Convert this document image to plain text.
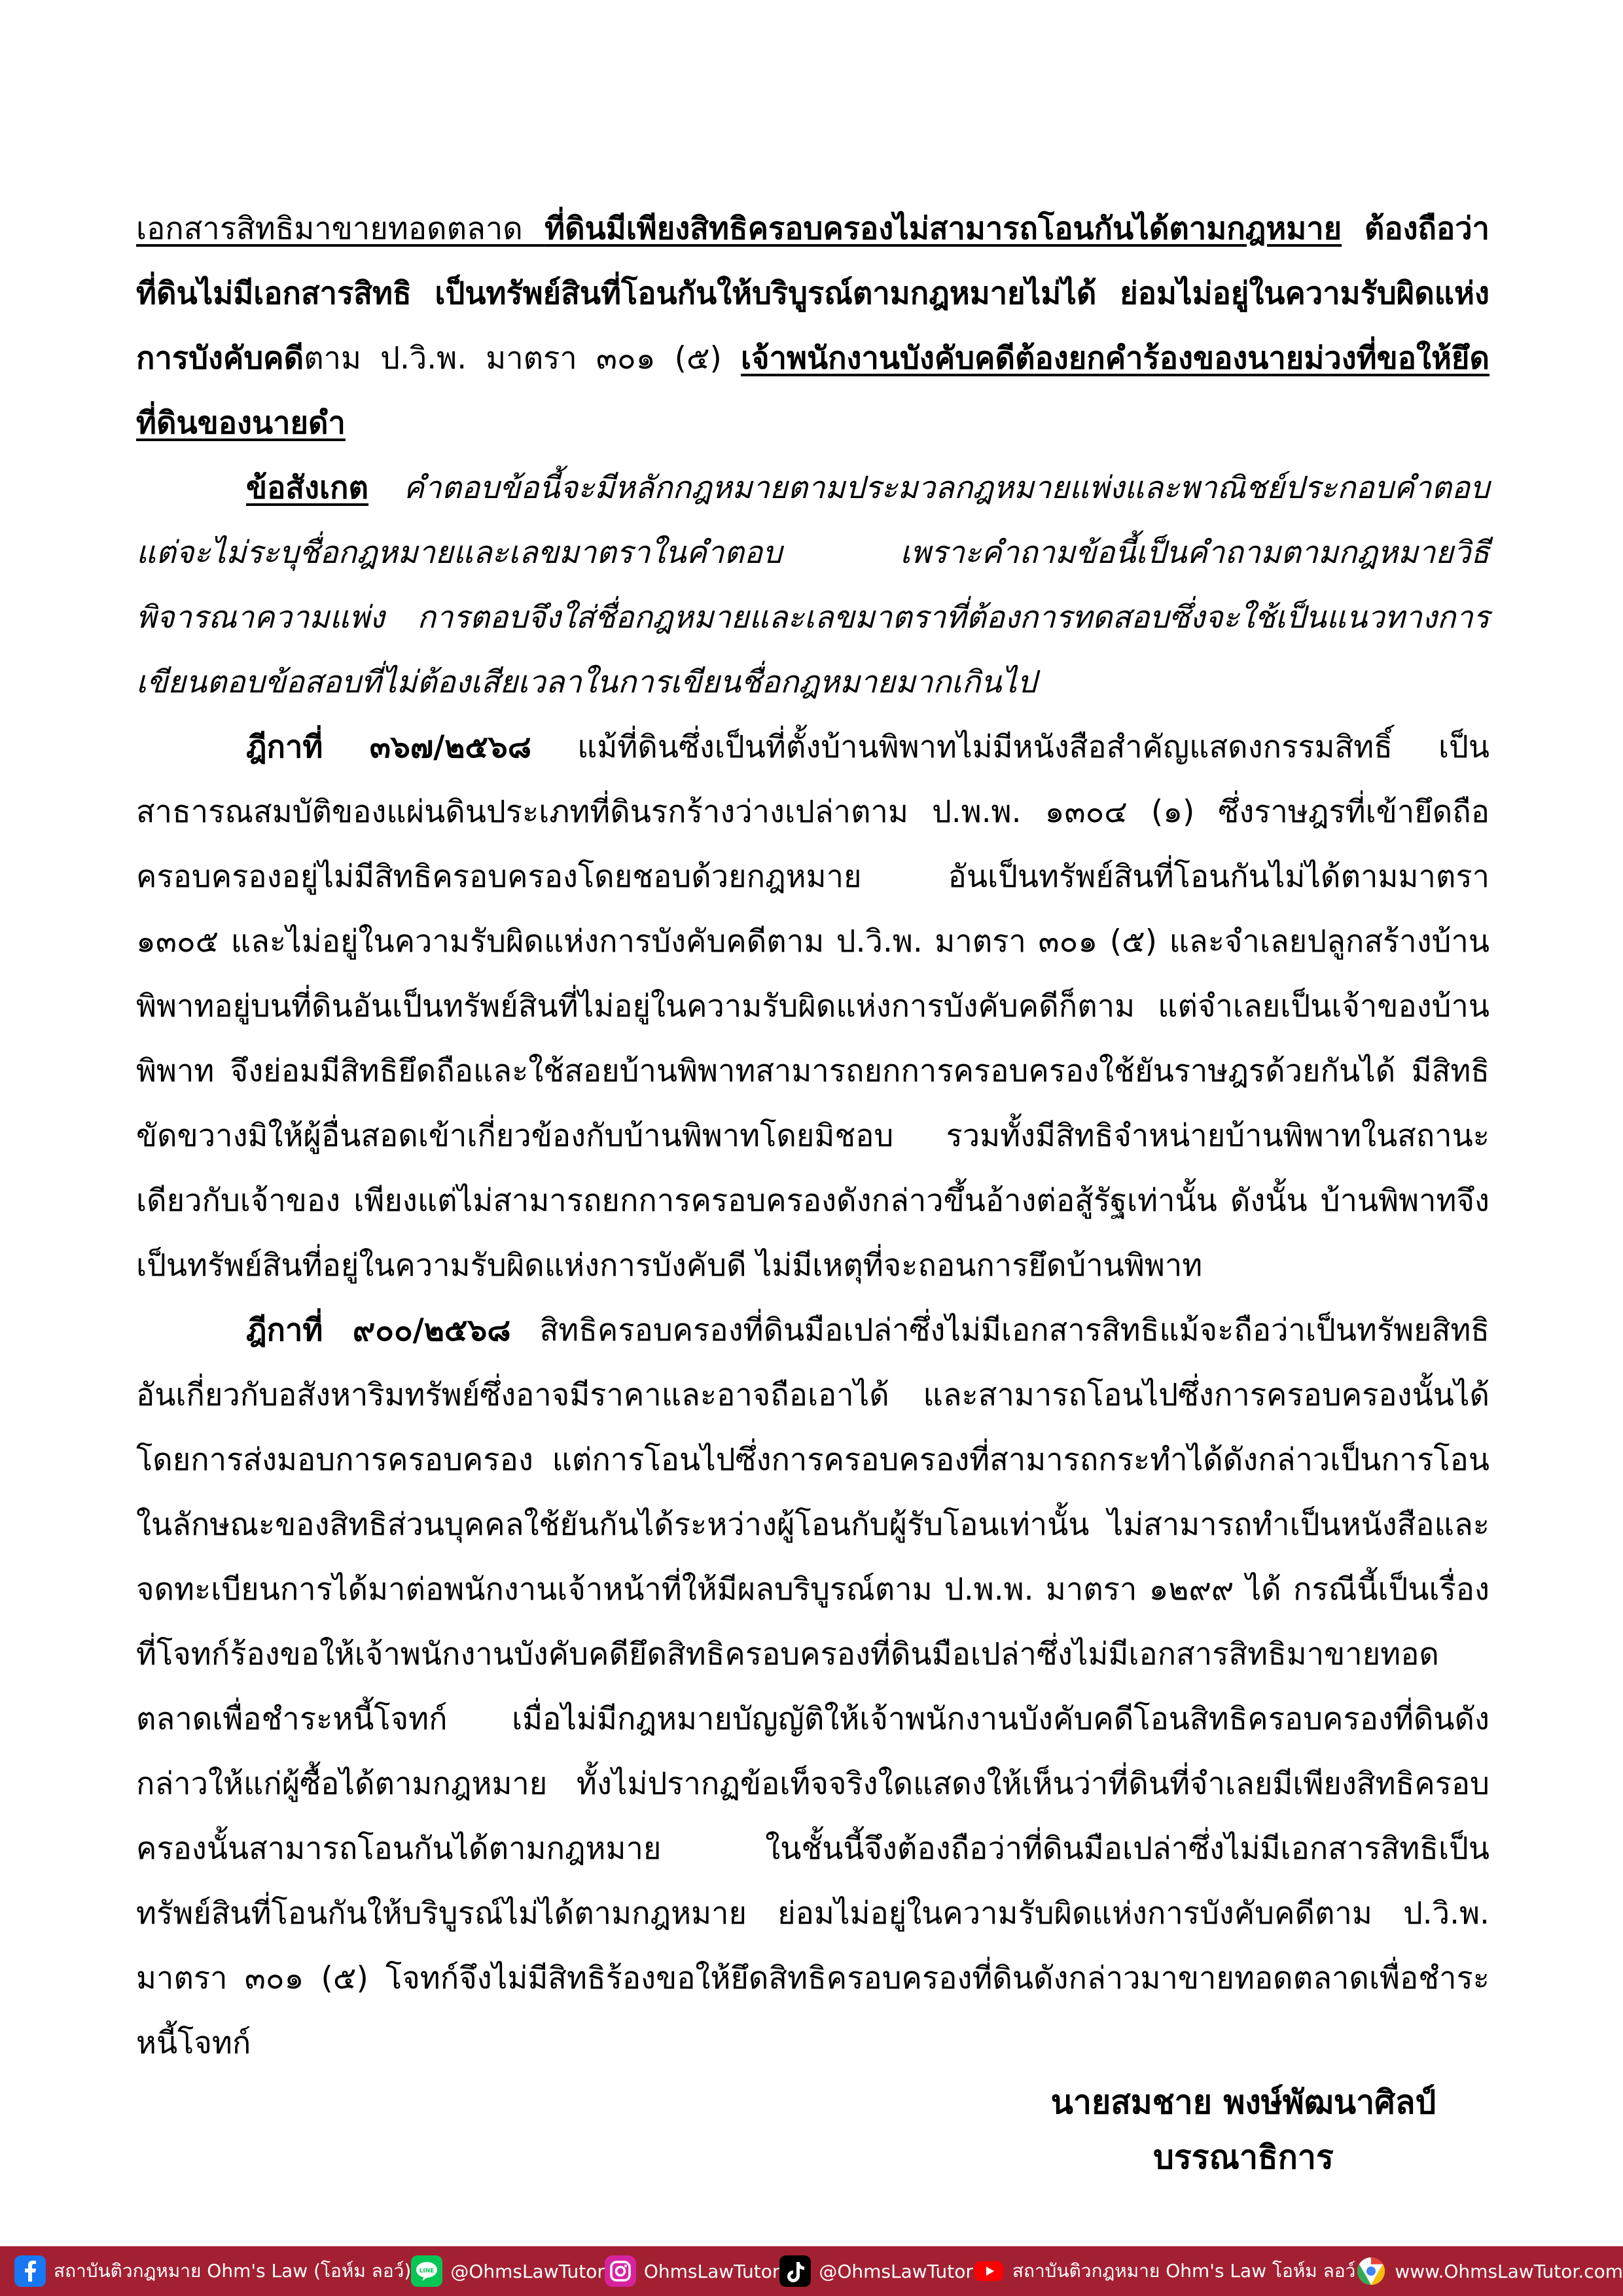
เอกสารสิทธิมาขายทอดตลาด ที่ดินมีเพียงสิทธิครอบครองไม่สามารถโอนกันได้ตามกฎหมาย ต้องถือว่าที่ดินไม่มีเอกสารสิทธิ เป็นทรัพย์สินที่โอนกันให้บริบูรณ์ตามกฎหมายไม่ได้ ย่อมไม่อยู่ในความรับผิดแห่งการบังคับคดีตาม ป.วิ.พ. มาตรา ๓๐๑ (๕) เจ้าพนักงานบังคับคดีต้องยกคำร้องของนายม่วงที่ขอให้ยึดที่ดินของนายดำ

ข้อสังเกต คำตอบข้อนี้จะมีหลักกฎหมายตามประมวลกฎหมายแพ่งและพาณิชย์ประกอบคำตอบ แต่จะไม่ระบุชื่อกฎหมายและเลขมาตราในคำตอบ เพราะคำถามข้อนี้เป็นคำถามตามกฎหมายวิธีพิจารณาความแพ่ง การตอบจึงใส่ชื่อกฎหมายและเลขมาตราที่ต้องการทดสอบซึ่งจะใช้เป็นแนวทางการเขียนตอบข้อสอบที่ไม่ต้องเสียเวลาในการเขียนชื่อกฎหมายมากเกินไป

ฎีกาที่ ๓๖๗/๒๕๖๘ แม้ที่ดินซึ่งเป็นที่ตั้งบ้านพิพาทไม่มีหนังสือสำคัญแสดงกรรมสิทธิ์ เป็นสาธารณสมบัติของแผ่นดินประเภทที่ดินรกร้างว่างเปล่าตาม ป.พ.พ. ๑๓๐๔ (๑) ซึ่งราษฎรที่เข้ายึดถือครอบครองอยู่ไม่มีสิทธิครอบครองโดยชอบด้วยกฎหมาย อันเป็นทรัพย์สินที่โอนกันไม่ได้ตามมาตรา ๑๓๐๕ และไม่อยู่ในความรับผิดแห่งการบังคับคดีตาม ป.วิ.พ. มาตรา ๓๐๑ (๕) และจำเลยปลูกสร้างบ้านพิพาทอยู่บนที่ดินอันเป็นทรัพย์สินที่ไม่อยู่ในความรับผิดแห่งการบังคับคดีก็ตาม แต่จำเลยเป็นเจ้าของบ้านพิพาท จึงย่อมมีสิทธิยึดถือและใช้สอยบ้านพิพาทสามารถยกการครอบครองใช้ยันราษฎรด้วยกันได้ มีสิทธิขัดขวางมิให้ผู้อื่นสอดเข้าเกี่ยวข้องกับบ้านพิพาทโดยมิชอบ รวมทั้งมีสิทธิจำหน่ายบ้านพิพาทในสถานะเดียวกับเจ้าของ เพียงแต่ไม่สามารถยกการครอบครองดังกล่าวขึ้นอ้างต่อสู้รัฐเท่านั้น ดังนั้น บ้านพิพาทจึงเป็นทรัพย์สินที่อยู่ในความรับผิดแห่งการบังคับดี ไม่มีเหตุที่จะถอนการยึดบ้านพิพาท

ฎีกาที่ ๙๐๐/๒๕๖๘ สิทธิครอบครองที่ดินมือเปล่าซึ่งไม่มีเอกสารสิทธิแม้จะถือว่าเป็นทรัพยสิทธิอันเกี่ยวกับอสังหาริมทรัพย์ซึ่งอาจมีราคาและอาจถือเอาได้ และสามารถโอนไปซึ่งการครอบครองนั้นได้โดยการส่งมอบการครอบครอง แต่การโอนไปซึ่งการครอบครองที่สามารถกระทำได้ดังกล่าวเป็นการโอนในลักษณะของสิทธิส่วนบุคคลใช้ยันกันได้ระหว่างผู้โอนกับผู้รับโอนเท่านั้น ไม่สามารถทำเป็นหนังสือและจดทะเบียนการได้มาต่อพนักงานเจ้าหน้าที่ให้มีผลบริบูรณ์ตาม ป.พ.พ. มาตรา ๑๒๙๙ ได้ กรณีนี้เป็นเรื่องที่โจทก์ร้องขอให้เจ้าพนักงานบังคับคดียึดสิทธิครอบครองที่ดินมือเปล่าซึ่งไม่มีเอกสารสิทธิมาขายทอดตลาดเพื่อชำระหนี้โจทก์ เมื่อไม่มีกฎหมายบัญญัติให้เจ้าพนักงานบังคับคดีโอนสิทธิครอบครองที่ดินดังกล่าวให้แก่ผู้ซื้อได้ตามกฎหมาย ทั้งไม่ปรากฏข้อเท็จจริงใดแสดงให้เห็นว่าที่ดินที่จำเลยมีเพียงสิทธิครอบครองนั้นสามารถโอนกันได้ตามกฎหมาย ในชั้นนี้จึงต้องถือว่าที่ดินมือเปล่าซึ่งไม่มีเอกสารสิทธิเป็นทรัพย์สินที่โอนกันให้บริบูรณ์ไม่ได้ตามกฎหมาย ย่อมไม่อยู่ในความรับผิดแห่งการบังคับคดีตาม ป.วิ.พ. มาตรา ๓๐๑ (๕) โจทก์จึงไม่มีสิทธิร้องขอให้ยึดสิทธิครอบครองที่ดินดังกล่าวมาขายทอดตลาดเพื่อชำระหนี้โจทก์

นายสมชาย พงษ์พัฒนาศิลป์
บรรณาธิการ
สถาบันติวกฎหมาย Ohm's Law (โอห์ม ลอว์) LINE @OhmsLawTutor OhmsLawTutor @OhmsLawTutor สถาบันติวกฎหมาย Ohm's Law โอห์ม ลอว์ www.OhmsLawTutor.com
